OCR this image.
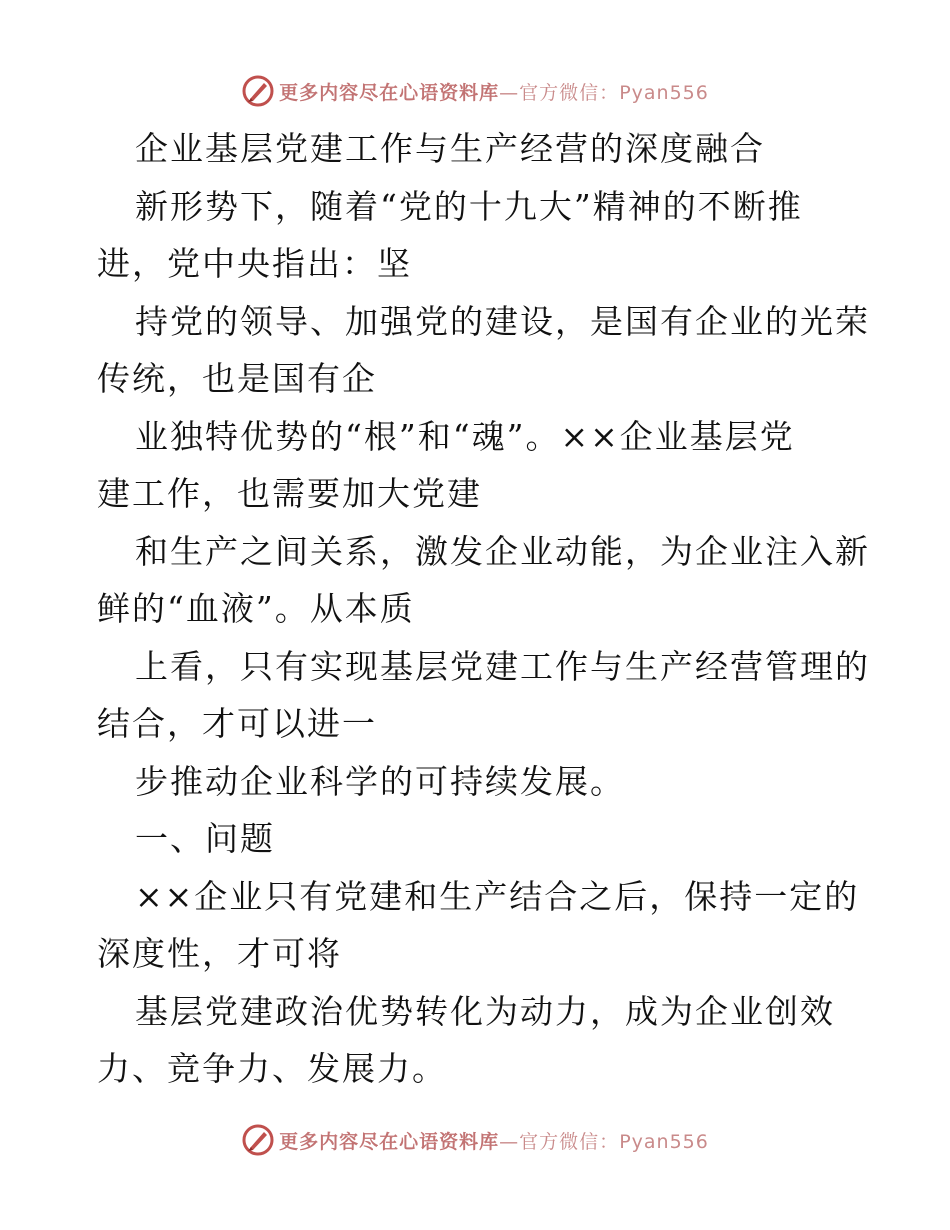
更多内容尽在心语资料库—官方微信：Pyan556

企业基层党建工作与生产经营的深度融合

新形势下，随着“党的十九大”精神的不断推

进，党中央指出：坚

持党的领导、加强党的建设，是国有企业的光荣

传统，也是国有企

业独特优势的“根”和“魂”。××企业基层党

建工作，也需要加大党建

和生产之间关系，激发企业动能，为企业注入新

鲜的“血液”。从本质

上看，只有实现基层党建工作与生产经营管理的

结合，才可以进一

步推动企业科学的可持续发展。

一、问题

××企业只有党建和生产结合之后，保持一定的

深度性，才可将

基层党建政治优势转化为动力，成为企业创效

力、竞争力、发展力。

更多内容尽在心语资料库—官方微信：Pyan556
